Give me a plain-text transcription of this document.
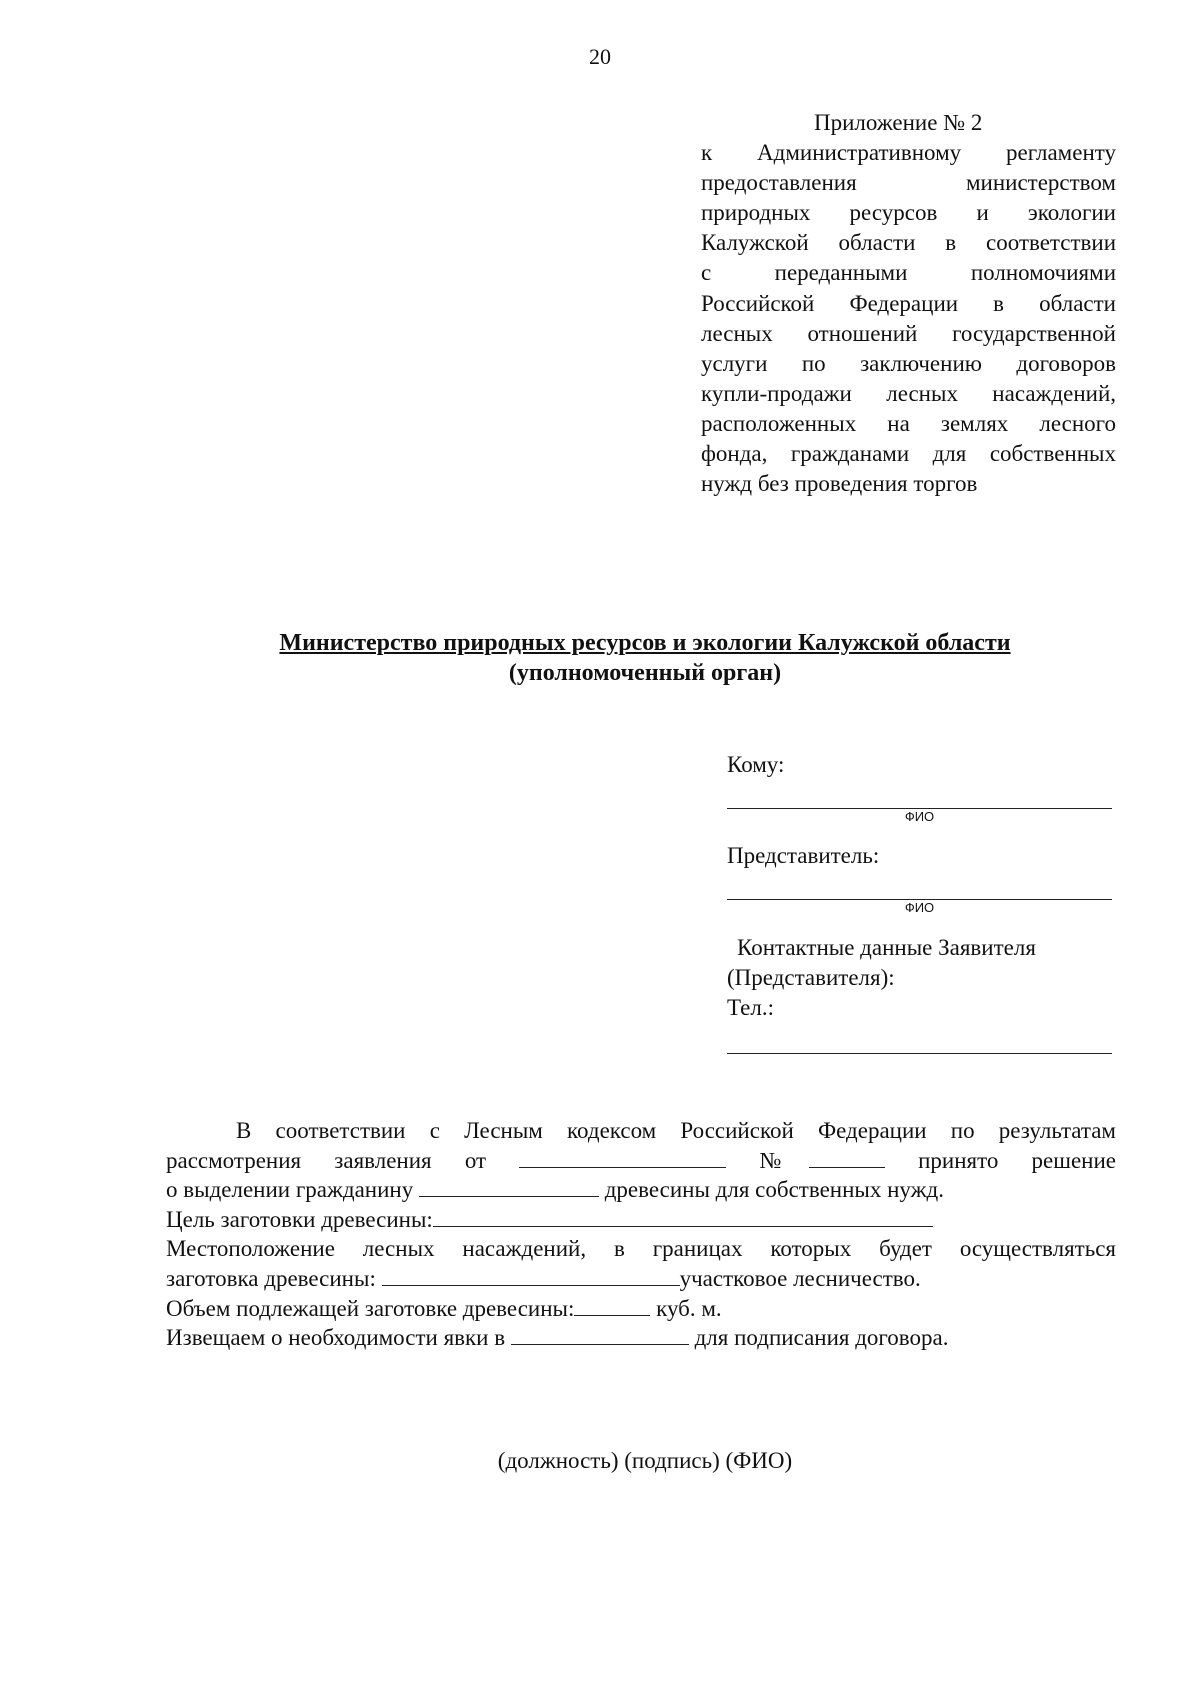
20
Приложение № 2
к Административному регламенту
предоставления министерством
природных ресурсов и экологии
Калужской области в соответствии
с переданными полномочиями
Российской Федерации в области
лесных отношений государственной
услуги по заключению договоров
купли-продажи лесных насаждений,
расположенных на землях лесного
фонда, гражданами для собственных
нужд без проведения торгов
Министерство природных ресурсов и экологии Калужской области
(уполномоченный орган)
Кому:
ФИО
Представитель:
ФИО
Контактные данные Заявителя
(Представителя):
Тел.:
В соответствии с Лесным кодексом Российской Федерации по результатам
рассмотрения заявления от	№	принято решение
о выделении гражданину	древесины для собственных нужд.
Цель заготовки древесины:
Местоположение лесных насаждений, в границах которых будет осуществляться
заготовка древесины:	участковое лесничество.
Объем подлежащей заготовке древесины:	куб. м.
Извещаем о необходимости явки в	для подписания договора.
(должность) (подпись) (ФИО)
